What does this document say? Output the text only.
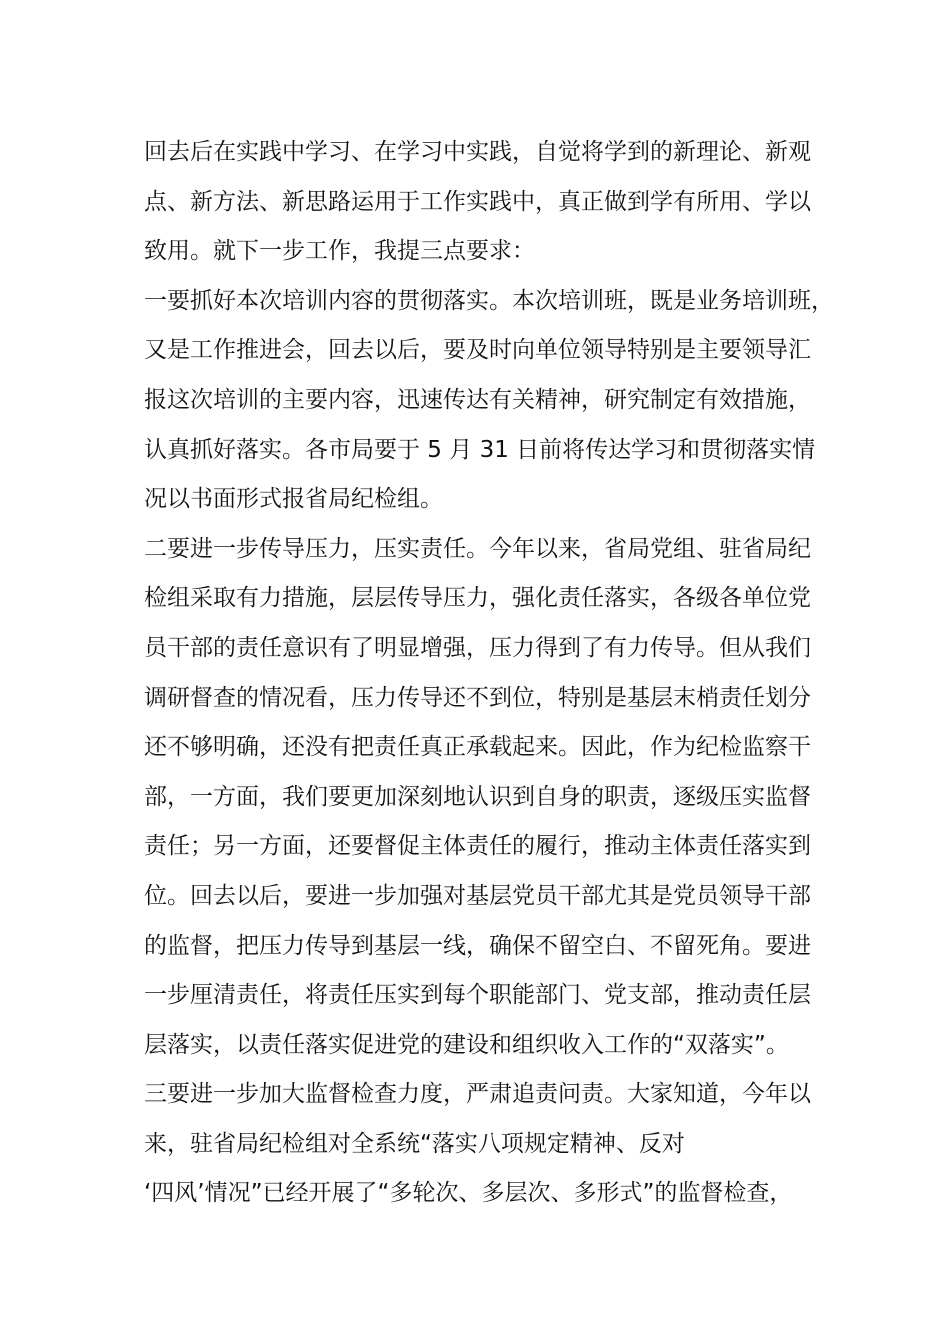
回去后在实践中学习、在学习中实践，自觉将学到的新理论、新观
点、新方法、新思路运用于工作实践中，真正做到学有所用、学以
致用。就下一步工作，我提三点要求：
一要抓好本次培训内容的贯彻落实。本次培训班，既是业务培训班，
又是工作推进会，回去以后，要及时向单位领导特别是主要领导汇
报这次培训的主要内容，迅速传达有关精神，研究制定有效措施，
认真抓好落实。各市局要于 5 月 31 日前将传达学习和贯彻落实情
况以书面形式报省局纪检组。
二要进一步传导压力，压实责任。今年以来，省局党组、驻省局纪
检组采取有力措施，层层传导压力，强化责任落实，各级各单位党
员干部的责任意识有了明显增强，压力得到了有力传导。但从我们
调研督查的情况看，压力传导还不到位，特别是基层末梢责任划分
还不够明确，还没有把责任真正承载起来。因此，作为纪检监察干
部，一方面，我们要更加深刻地认识到自身的职责，逐级压实监督
责任；另一方面，还要督促主体责任的履行，推动主体责任落实到
位。回去以后，要进一步加强对基层党员干部尤其是党员领导干部
的监督，把压力传导到基层一线，确保不留空白、不留死角。要进
一步厘清责任，将责任压实到每个职能部门、党支部，推动责任层
层落实，以责任落实促进党的建设和组织收入工作的“双落实”。
三要进一步加大监督检查力度，严肃追责问责。大家知道，今年以
来，驻省局纪检组对全系统“落实八项规定精神、反对
‘四风’情况”已经开展了“多轮次、多层次、多形式”的监督检查，
